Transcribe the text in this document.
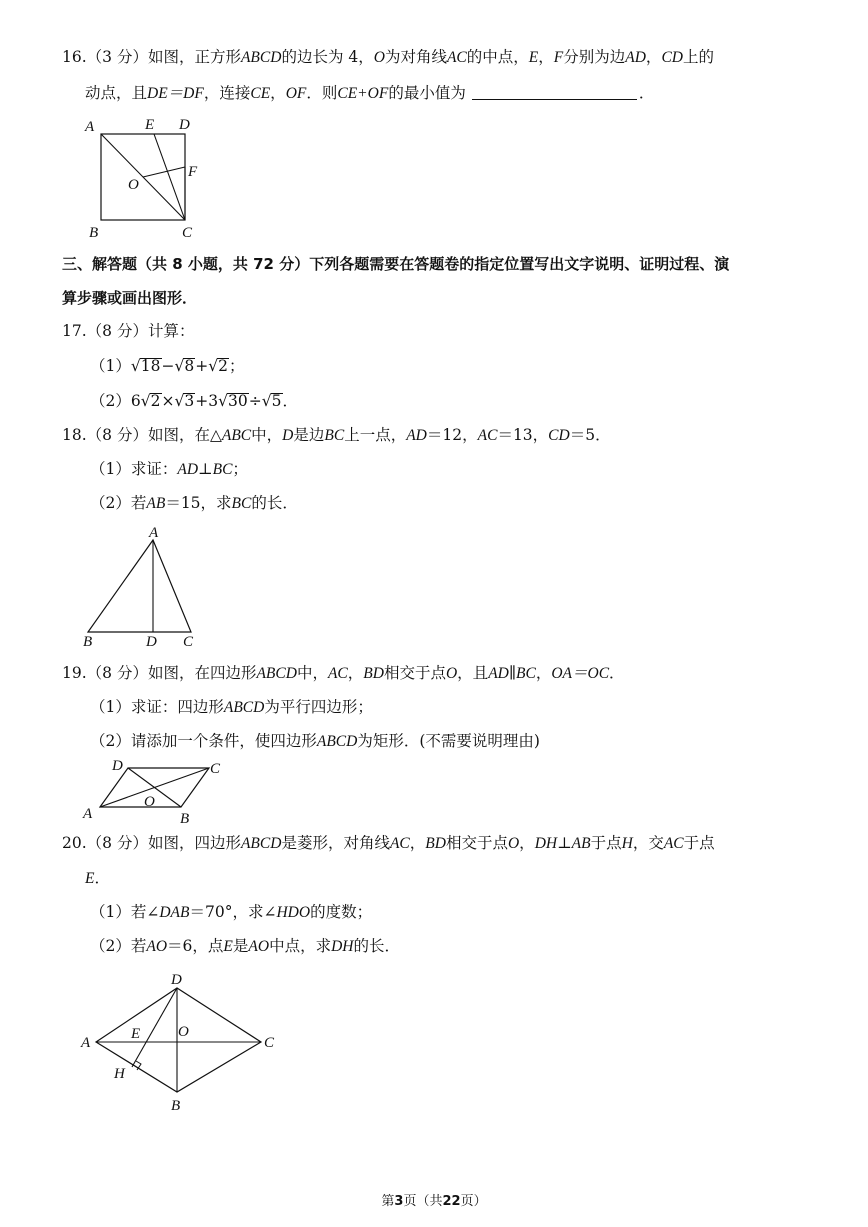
16.（3 分）如图，正方形ABCD的边长为 4，O为对角线AC的中点，E，F分别为边AD，CD上的
动点，且DE＝DF，连接CE，OF．则CE+OF的最小值为	．
A	E D
O
F
B	C
三、解答题（共 8 小题，共 72 分）下列各题需要在答题卷的指定位置写出文字说明、证明过程、演
算步骤或画出图形．
17.（8 分）计算：
（1）√18−√8+√2；
（2）6√2×√3+3√30÷√5．
18.（8 分）如图，在△ABC中，D是边BC上一点，AD＝12，AC＝13，CD＝5．
（1）求证：AD⊥BC；
（2）若AB＝15，求BC的长．
A
B	D C
19.（8 分）如图，在四边形ABCD中，AC，BD相交于点O，且AD∥BC，OA＝OC．
（1）求证：四边形ABCD为平行四边形；
（2）请添加一个条件，使四边形ABCD为矩形．(不需要说明理由)
D	C
O
A	B
20.（8 分）如图，四边形ABCD是菱形，对角线AC，BD相交于点O，DH⊥AB于点H，交AC于点
E．
（1）若∠DAB＝70°，求∠HDO的度数；
（2）若AO＝6，点E是AO中点，求DH的长．
D
E	O
A	C
H
B
第3页（共22页）
